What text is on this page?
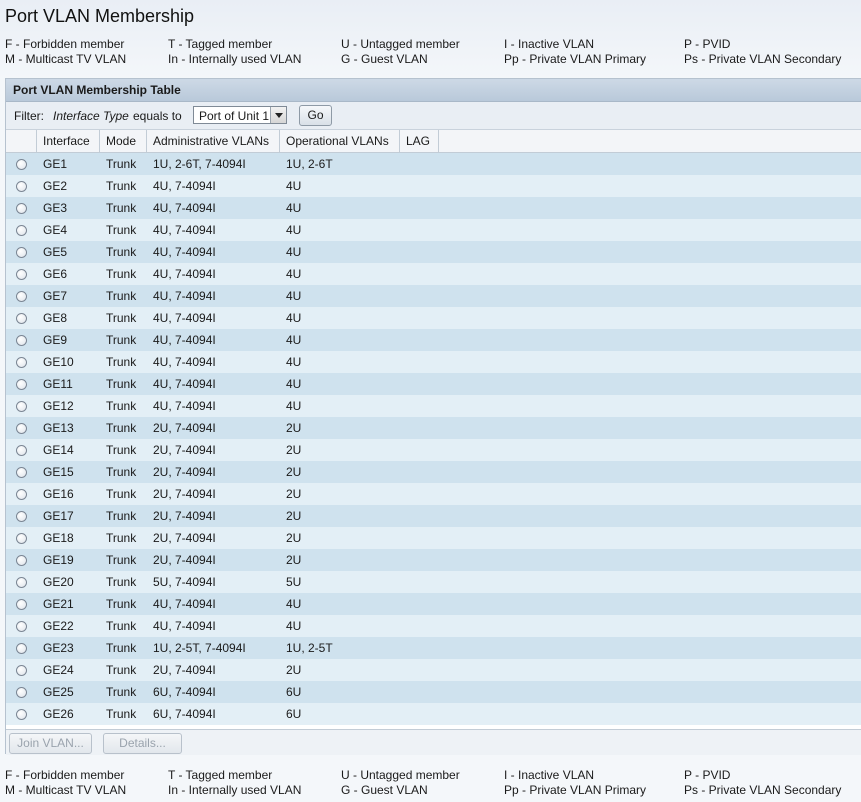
Port VLAN Membership
F - Forbidden member	T - Tagged member	U - Untagged member	I - Inactive VLAN	P - PVID
M - Multicast TV VLAN	In - Internally used VLAN	G - Guest VLAN	Pp - Private VLAN Primary	Ps - Private VLAN Secondary
Port VLAN Membership Table
Filter: Interface Type equals to Port of Unit 1	Go
Interface	Mode	Administrative VLANs	Operational VLANs	LAG
GE1	Trunk 1U, 2-6T, 7-4094I	1U, 2-6T
GE2	Trunk 4U, 7-4094I	4U
GE3	Trunk 4U, 7-4094I	4U
GE4	Trunk 4U, 7-4094I	4U
GE5	Trunk 4U, 7-4094I	4U
GE6	Trunk 4U, 7-4094I	4U
GE7	Trunk 4U, 7-4094I	4U
GE8	Trunk 4U, 7-4094I	4U
GE9	Trunk 4U, 7-4094I	4U
GE10	Trunk 4U, 7-4094I	4U
GE11	Trunk 4U, 7-4094I	4U
GE12	Trunk 4U, 7-4094I	4U
GE13	Trunk 2U, 7-4094I	2U
GE14	Trunk 2U, 7-4094I	2U
GE15	Trunk 2U, 7-4094I	2U
GE16	Trunk 2U, 7-4094I	2U
GE17	Trunk 2U, 7-4094I	2U
GE18	Trunk 2U, 7-4094I	2U
GE19	Trunk 2U, 7-4094I	2U
GE20	Trunk 5U, 7-4094I	5U
GE21	Trunk 4U, 7-4094I	4U
GE22	Trunk 4U, 7-4094I	4U
GE23	Trunk 1U, 2-5T, 7-4094I	1U, 2-5T
GE24	Trunk 2U, 7-4094I	2U
GE25	Trunk 6U, 7-4094I	6U
GE26	Trunk 6U, 7-4094I	6U
Join VLAN...	Details...
F - Forbidden member	T - Tagged member	U - Untagged member	I - Inactive VLAN	P - PVID
M - Multicast TV VLAN	In - Internally used VLAN	G - Guest VLAN	Pp - Private VLAN Primary	Ps - Private VLAN Secondary
